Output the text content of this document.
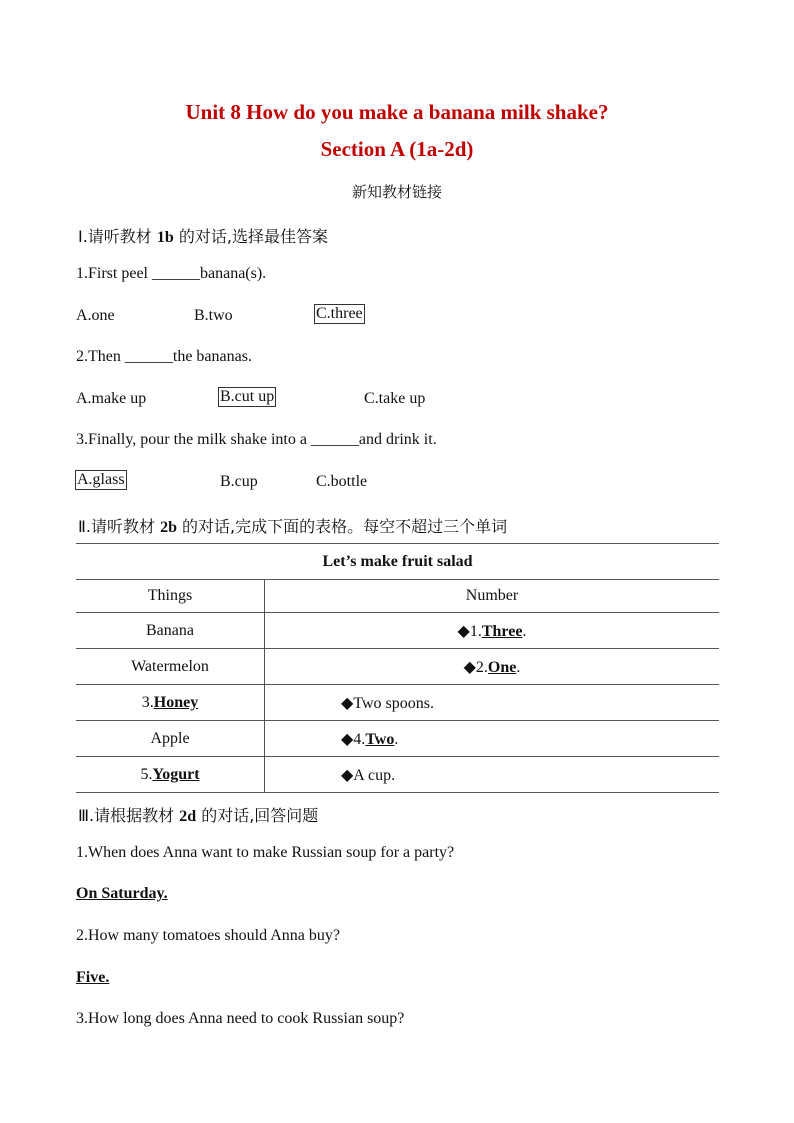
Unit 8 How do you make a banana milk shake?
Section A (1a-2d)
新知教材链接
Ⅰ.请听教材 1b 的对话,选择最佳答案
1.First peel ______banana(s).
A.one	B.two	C.three
2.Then ______the bananas.
A.make up	B.cut up	C.take up
3.Finally, pour the milk shake into a ______and drink it.
A.glass	B.cup	C.bottle
Ⅱ.请听教材 2b 的对话,完成下面的表格。每空不超过三个单词
Let’s make fruit salad	
Things	Number
Banana	◆1.Three.
Watermelon	◆2.One.
3.Honey	◆Two spoons.
Apple	◆4.Two.
5.Yogurt	◆A cup.
Ⅲ.请根据教材 2d 的对话,回答问题
1.When does Anna want to make Russian soup for a party?
On Saturday.
2.How many tomatoes should Anna buy?
Five.
3.How long does Anna need to cook Russian soup?
